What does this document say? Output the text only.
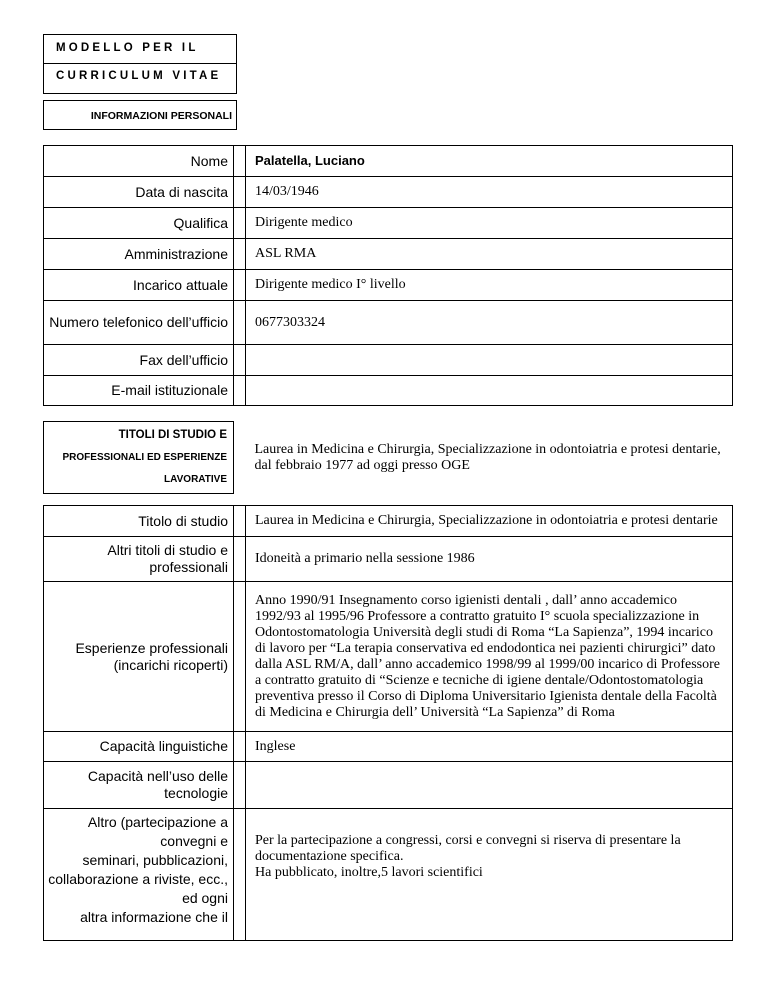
MODELLO PER IL
CURRICULUM VITAE
INFORMAZIONI PERSONALI
Nome		Palatella, Luciano
Data di nascita		14/03/1946
Qualifica		Dirigente medico
Amministrazione		ASL RMA
Incarico attuale		Dirigente medico I° livello
Numero telefonico dell’ufficio		0677303324
Fax dell’ufficio		
E-mail istituzionale		
TITOLI DI STUDIO E
PROFESSIONALI ED ESPERIENZE
LAVORATIVE		Laurea in Medicina e Chirurgia, Specializzazione in odontoiatria e protesi dentarie, dal febbraio 1977 ad oggi presso OGE
Titolo di studio		Laurea in Medicina e Chirurgia, Specializzazione in odontoiatria e protesi dentarie
Altri titoli di studio e professionali		Idoneità a primario nella sessione 1986
Esperienze professionali (incarichi ricoperti)		Anno 1990/91 Insegnamento corso igienisti dentali , dall’ anno accademico 1992/93 al 1995/96 Professore a contratto gratuito I° scuola specializzazione in Odontostomatologia Università degli studi di Roma “La Sapienza”, 1994 incarico di lavoro per “La terapia conservativa ed endodontica nei pazienti chirurgici” dato dalla ASL RM/A, dall’ anno accademico 1998/99 al 1999/00 incarico di Professore a contratto gratuito di “Scienze e tecniche di igiene dentale/Odontostomatologia preventiva presso il Corso di Diploma Universitario Igienista dentale della Facoltà di Medicina e Chirurgia dell’ Università “La Sapienza” di Roma
Capacità linguistiche		Inglese
Capacità nell’uso delle tecnologie		
Altro (partecipazione a convegni e
seminari, pubblicazioni,
collaborazione a riviste, ecc., ed ogni
altra informazione che il		Per la partecipazione a congressi, corsi e convegni si riserva di presentare la documentazione specifica.
Ha pubblicato, inoltre,5 lavori scientifici
